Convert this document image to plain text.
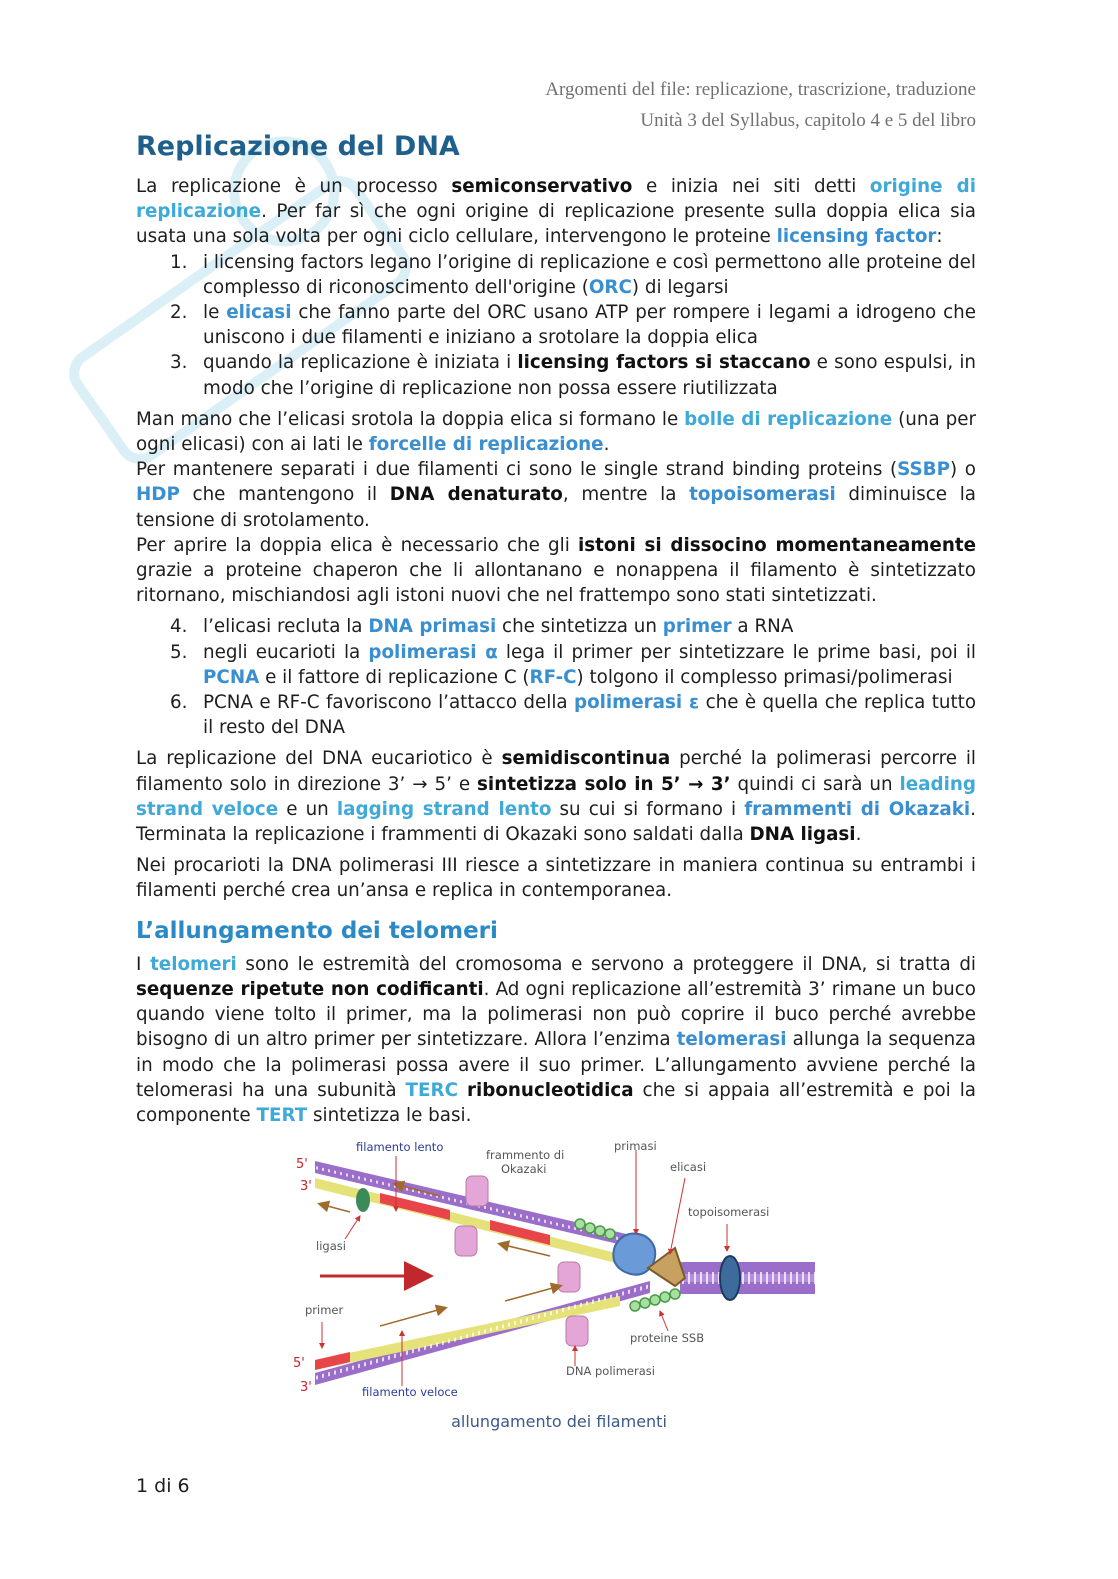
Argomenti del file: replicazione, trascrizione, traduzione
Unità 3 del Syllabus, capitolo 4 e 5 del libro
Replicazione del DNA

La replicazione è un processo semiconservativo e inizia nei siti detti origine di replicazione. Per far sì che ogni origine di replicazione presente sulla doppia elica sia usata una sola volta per ogni ciclo cellulare, intervengono le proteine licensing factor:

1. i licensing factors legano l’origine di replicazione e così permettono alle proteine del complesso di riconoscimento dell'origine (ORC) di legarsi
2. le elicasi che fanno parte del ORC usano ATP per rompere i legami a idrogeno che uniscono i due filamenti e iniziano a srotolare la doppia elica
3. quando la replicazione è iniziata i licensing factors si staccano e sono espulsi, in modo che l’origine di replicazione non possa essere riutilizzata

Man mano che l’elicasi srotola la doppia elica si formano le bolle di replicazione (una per ogni elicasi) con ai lati le forcelle di replicazione.

Per mantenere separati i due filamenti ci sono le single strand binding proteins (SSBP) o HDP che mantengono il DNA denaturato, mentre la topoisomerasi diminuisce la tensione di srotolamento.

Per aprire la doppia elica è necessario che gli istoni si dissocino momentaneamente grazie a proteine chaperon che li allontanano e nonappena il filamento è sintetizzato ritornano, mischiandosi agli istoni nuovi che nel frattempo sono stati sintetizzati.

4. l’elicasi recluta la DNA primasi che sintetizza un primer a RNA
5. negli eucarioti la polimerasi α lega il primer per sintetizzare le prime basi, poi il PCNA e il fattore di replicazione C (RF-C) tolgono il complesso primasi/polimerasi
6. PCNA e RF-C favoriscono l’attacco della polimerasi ε che è quella che replica tutto il resto del DNA

La replicazione del DNA eucariotico è semidiscontinua perché la polimerasi percorre il filamento solo in direzione 3’ → 5’ e sintetizza solo in 5’ → 3’ quindi ci sarà un leading strand veloce e un lagging strand lento su cui si formano i frammenti di Okazaki. Terminata la replicazione i frammenti di Okazaki sono saldati dalla DNA ligasi.

Nei procarioti la DNA polimerasi III riesce a sintetizzare in maniera continua su entrambi i filamenti perché crea un’ansa e replica in contemporanea.

L’allungamento dei telomeri

I telomeri sono le estremità del cromosoma e servono a proteggere il DNA, si tratta di sequenze ripetute non codificanti. Ad ogni replicazione all’estremità 3’ rimane un buco quando viene tolto il primer, ma la polimerasi non può coprire il buco perché avrebbe bisogno di un altro primer per sintetizzare. Allora l’enzima telomerasi allunga la sequenza in modo che la polimerasi possa avere il suo primer. L’allungamento avviene perché la telomerasi ha una subunità TERC ribonucleotidica che si appaia all’estremità e poi la componente TERT sintetizza le basi.

filamento lento
frammento di
Okazaki
primasi
elicasi
topoisomerasi
ligasi
primer
proteine SSB
DNA polimerasi
filamento veloce
5'
3'
5'
3'
allungamento dei filamenti
1 di 6
